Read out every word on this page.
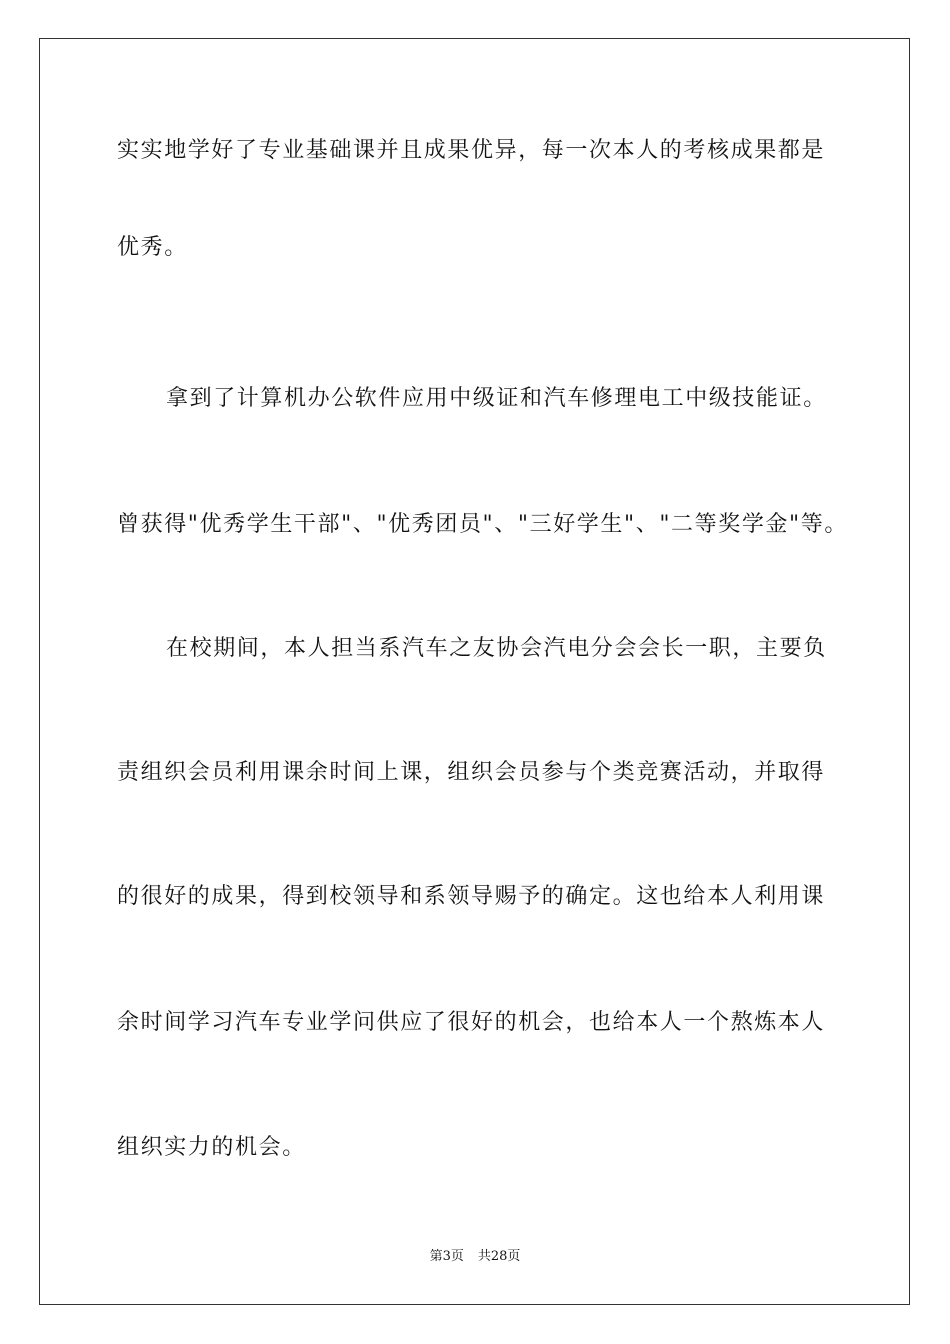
实实地学好了专业基础课并且成果优异，每一次本人的考核成果都是
优秀。
拿到了计算机办公软件应用中级证和汽车修理电工中级技能证。
曾获得"优秀学生干部"、"优秀团员"、"三好学生"、"二等奖学金"等。
在校期间，本人担当系汽车之友协会汽电分会会长一职，主要负
责组织会员利用课余时间上课，组织会员参与个类竞赛活动，并取得
的很好的成果，得到校领导和系领导赐予的确定。这也给本人利用课
余时间学习汽车专业学问供应了很好的机会，也给本人一个熬炼本人
组织实力的机会。
第3页 共28页
